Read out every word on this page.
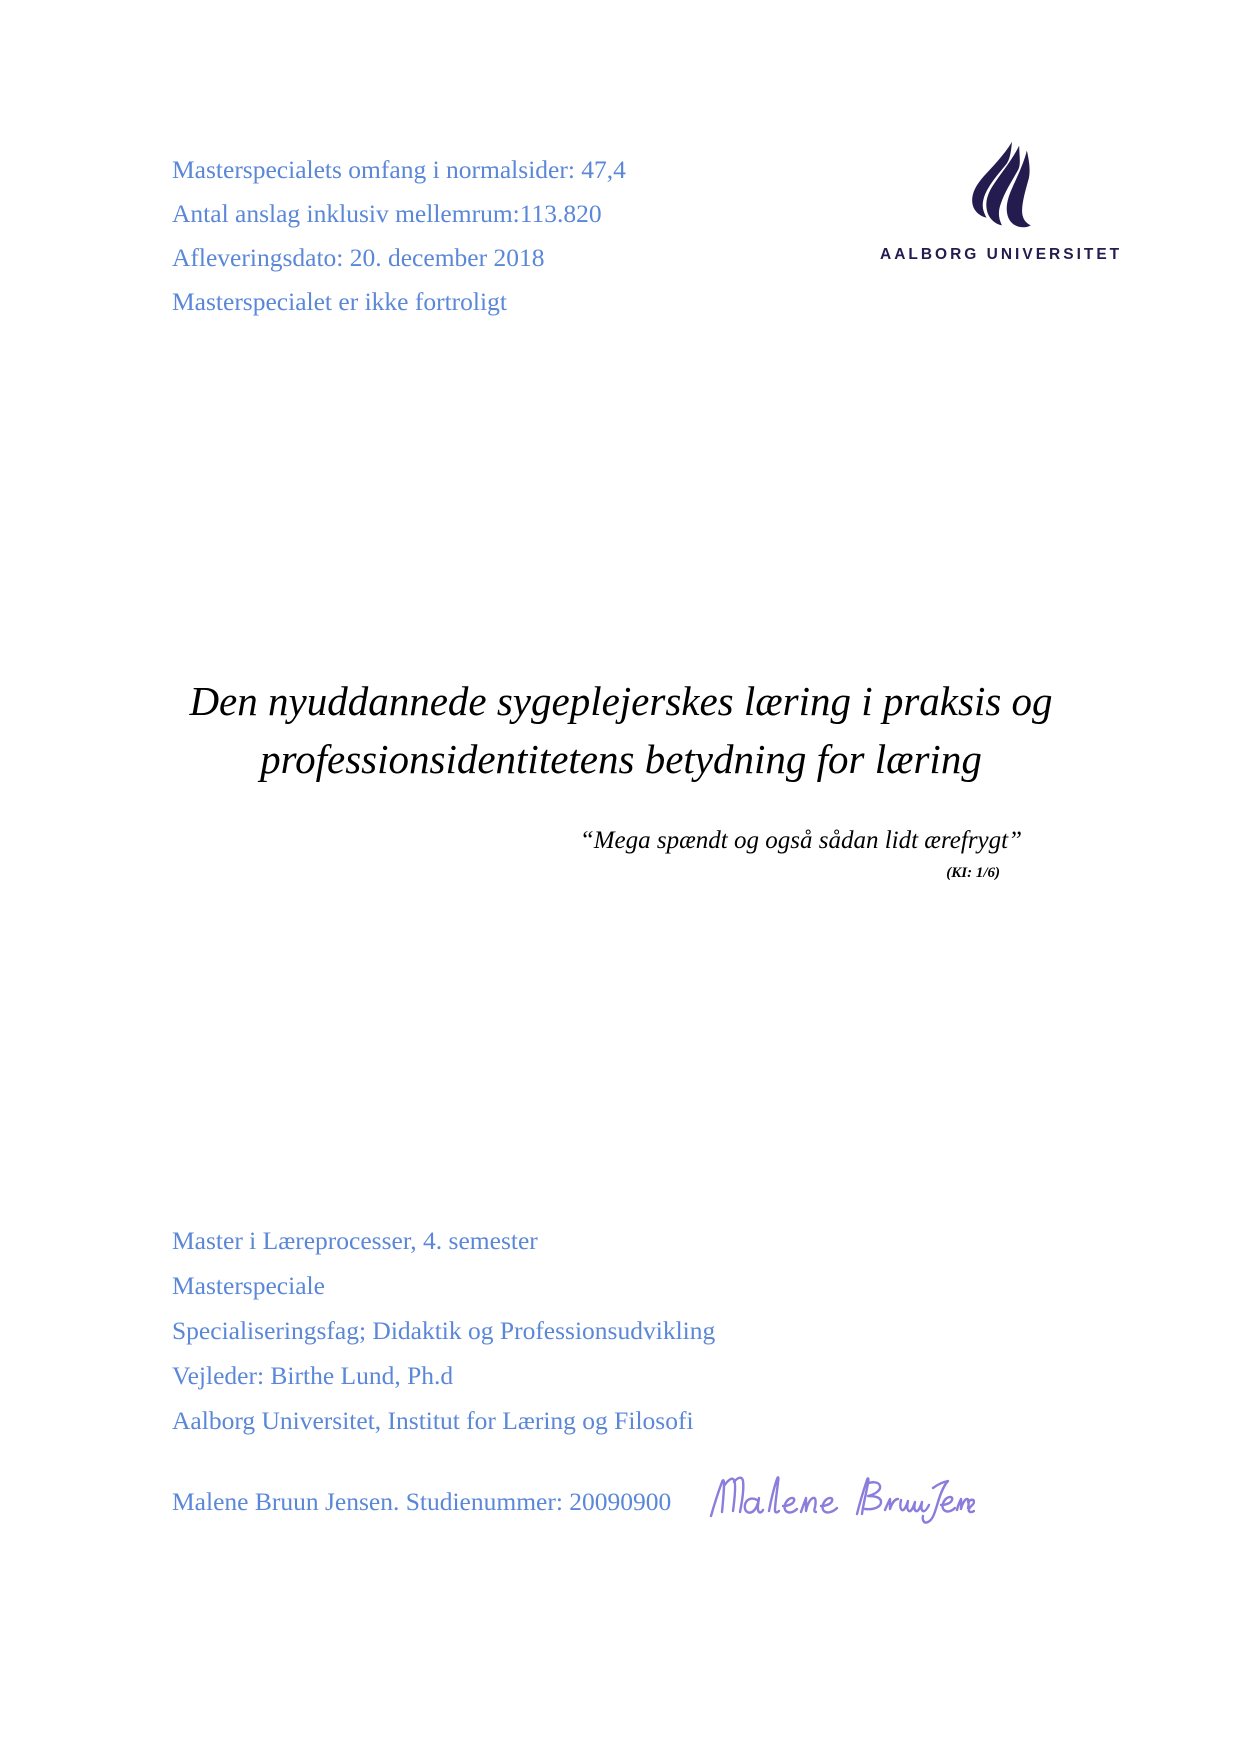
Masterspecialets omfang i normalsider: 47,4
Antal anslag inklusiv mellemrum:113.820
Afleveringsdato: 20. december 2018
Masterspecialet er ikke fortroligt
AALBORG UNIVERSITET
Den nyuddannede sygeplejerskes læring i praksis og
professionsidentitetens betydning for læring
“Mega spændt og også sådan lidt ærefrygt”
(KI: 1/6)
Master i Læreprocesser, 4. semester
Masterspeciale
Specialiseringsfag; Didaktik og Professionsudvikling
Vejleder: Birthe Lund, Ph.d
Aalborg Universitet, Institut for Læring og Filosofi
Malene Bruun Jensen. Studienummer: 20090900
